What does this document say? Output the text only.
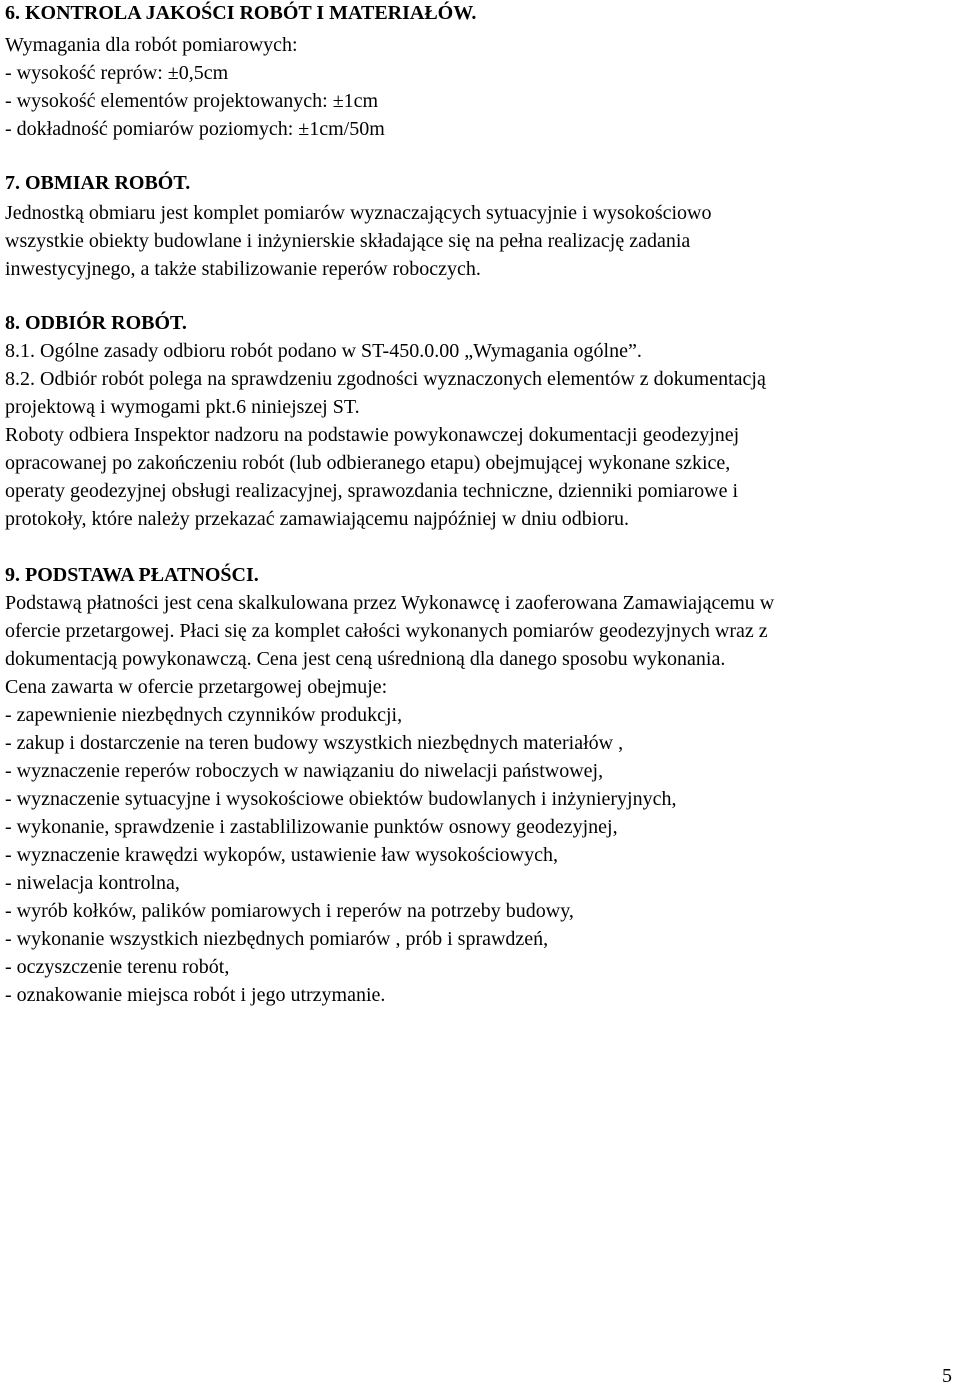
6. KONTROLA JAKOŚCI ROBÓT I MATERIAŁÓW.
Wymagania dla robót pomiarowych:
- wysokość reprów: ±0,5cm
- wysokość elementów projektowanych: ±1cm
- dokładność pomiarów poziomych: ±1cm/50m
7. OBMIAR ROBÓT.
Jednostką obmiaru jest komplet pomiarów wyznaczających sytuacyjnie i wysokościowo
wszystkie obiekty budowlane i inżynierskie składające się na pełna realizację zadania
inwestycyjnego, a także stabilizowanie reperów roboczych.
8. ODBIÓR ROBÓT.
8.1. Ogólne zasady odbioru robót podano w ST-450.0.00 „Wymagania ogólne”.
8.2. Odbiór robót polega na sprawdzeniu zgodności wyznaczonych elementów z dokumentacją
projektową i wymogami pkt.6 niniejszej ST.
Roboty odbiera Inspektor nadzoru na podstawie powykonawczej dokumentacji geodezyjnej
opracowanej po zakończeniu robót (lub odbieranego etapu) obejmującej wykonane szkice,
operaty geodezyjnej obsługi realizacyjnej, sprawozdania techniczne, dzienniki pomiarowe i
protokoły, które należy przekazać zamawiającemu najpóźniej w dniu odbioru.
9. PODSTAWA PŁATNOŚCI.
Podstawą płatności jest cena skalkulowana przez Wykonawcę i zaoferowana Zamawiającemu w
ofercie przetargowej. Płaci się za komplet całości wykonanych pomiarów geodezyjnych wraz z
dokumentacją powykonawczą. Cena jest ceną uśrednioną dla danego sposobu wykonania.
Cena zawarta w ofercie przetargowej obejmuje:
- zapewnienie niezbędnych czynników produkcji,
- zakup i dostarczenie na teren budowy wszystkich niezbędnych materiałów ,
- wyznaczenie reperów roboczych w nawiązaniu do niwelacji państwowej,
- wyznaczenie sytuacyjne i wysokościowe obiektów budowlanych i inżynieryjnych,
- wykonanie, sprawdzenie i zastablilizowanie punktów osnowy geodezyjnej,
- wyznaczenie krawędzi wykopów, ustawienie ław wysokościowych,
- niwelacja kontrolna,
- wyrób kołków, palików pomiarowych i reperów na potrzeby budowy,
- wykonanie wszystkich niezbędnych pomiarów , prób i sprawdzeń,
- oczyszczenie terenu robót,
- oznakowanie miejsca robót i jego utrzymanie.
5
